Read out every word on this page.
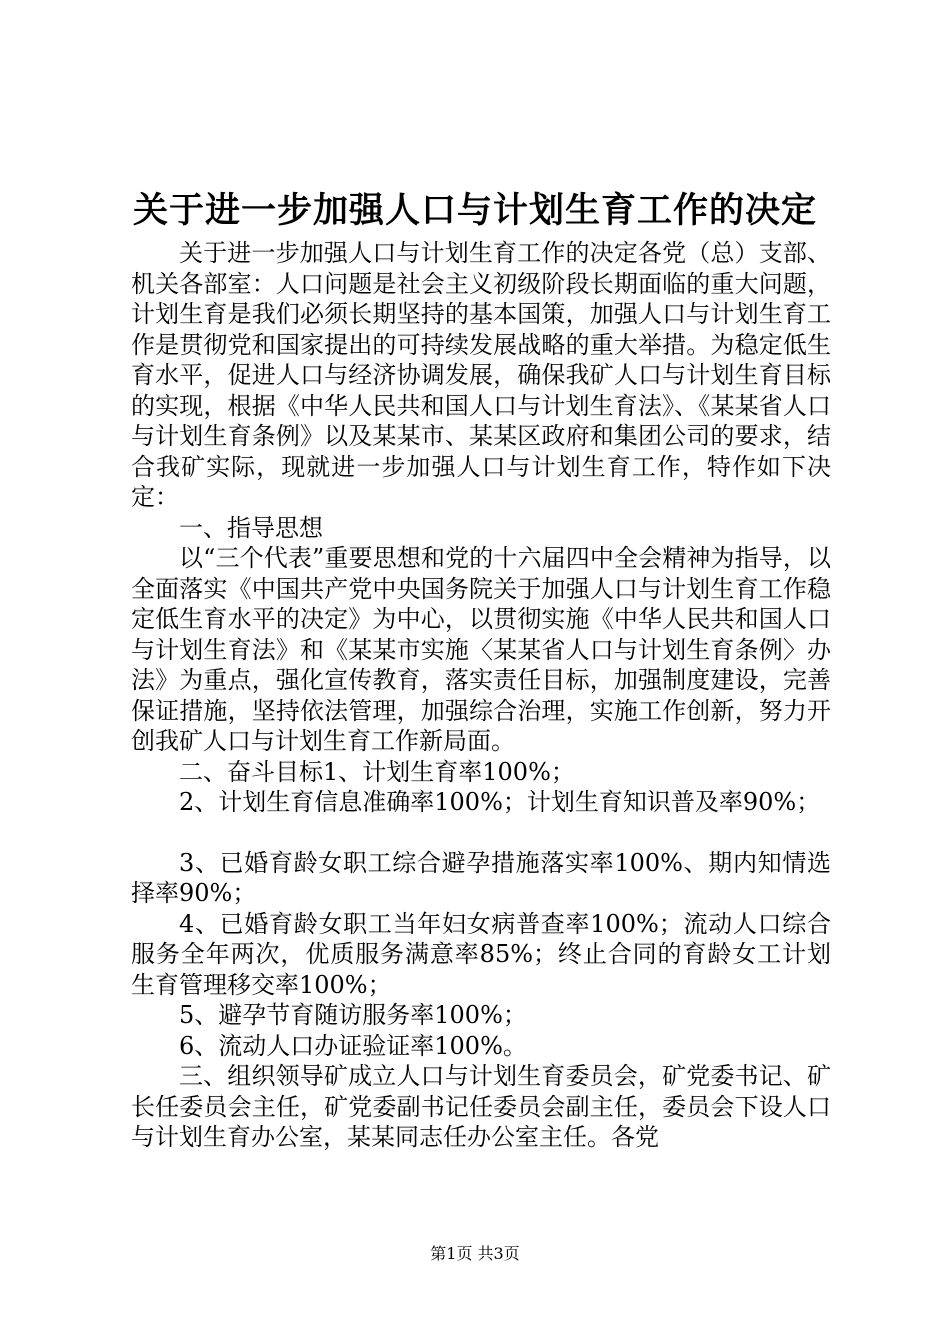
关于进一步加强人口与计划生育工作的决定

关于进一步加强人口与计划生育工作的决定各党（总）支部、机关各部室：人口问题是社会主义初级阶段长期面临的重大问题，计划生育是我们必须长期坚持的基本国策，加强人口与计划生育工作是贯彻党和国家提出的可持续发展战略的重大举措。为稳定低生育水平，促进人口与经济协调发展，确保我矿人口与计划生育目标的实现，根据《中华人民共和国人口与计划生育法》、《某某省人口与计划生育条例》以及某某市、某某区政府和集团公司的要求，结合我矿实际，现就进一步加强人口与计划生育工作，特作如下决定：

一、指导思想

以“三个代表”重要思想和党的十六届四中全会精神为指导，以全面落实《中国共产党中央国务院关于加强人口与计划生育工作稳定低生育水平的决定》为中心，以贯彻实施《中华人民共和国人口与计划生育法》和《某某市实施〈某某省人口与计划生育条例〉办法》为重点，强化宣传教育，落实责任目标，加强制度建设，完善保证措施，坚持依法管理，加强综合治理，实施工作创新，努力开创我矿人口与计划生育工作新局面。

二、奋斗目标1、计划生育率100%；

2、计划生育信息准确率100%；计划生育知识普及率90%；

3、已婚育龄女职工综合避孕措施落实率100%、期内知情选择率90%；

4、已婚育龄女职工当年妇女病普查率100%；流动人口综合服务全年两次，优质服务满意率85%；终止合同的育龄女工计划生育管理移交率100%；

5、避孕节育随访服务率100%；

6、流动人口办证验证率100%。

三、组织领导矿成立人口与计划生育委员会，矿党委书记、矿长任委员会主任，矿党委副书记任委员会副主任，委员会下设人口与计划生育办公室，某某同志任办公室主任。各党

第1页 共3页
